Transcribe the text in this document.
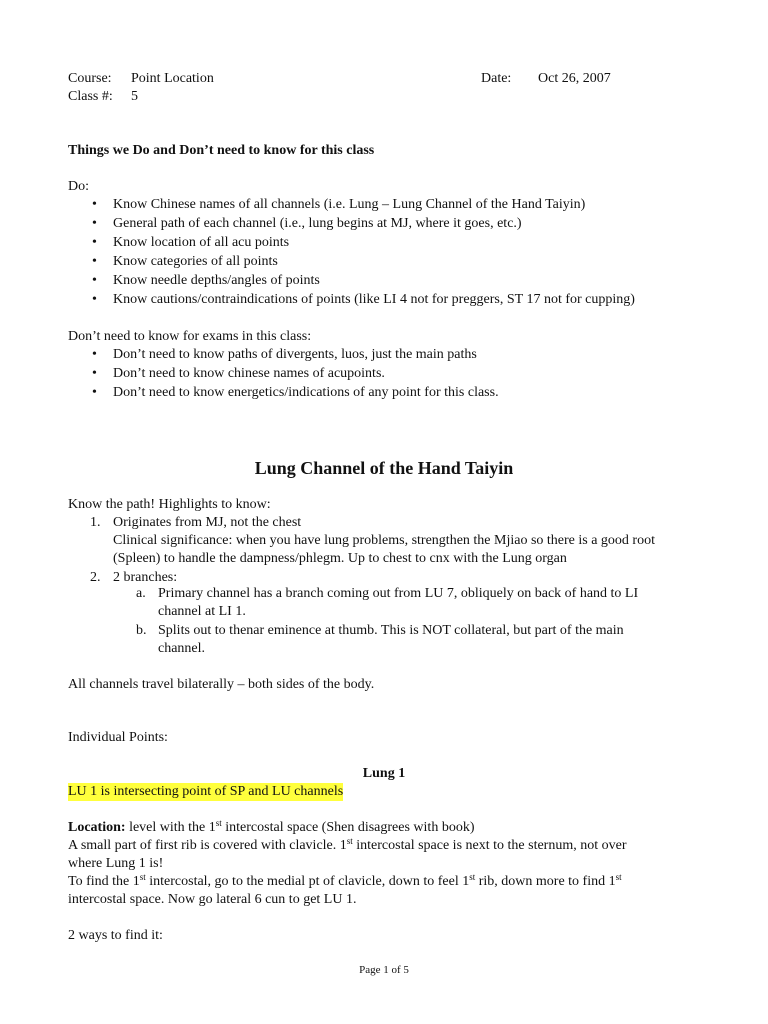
Course: Point Location
Class #: 5
Date: Oct 26, 2007
Things we Do and Don’t need to know for this class
Do:
• Know Chinese names of all channels (i.e. Lung – Lung Channel of the Hand Taiyin)
• General path of each channel (i.e., lung begins at MJ, where it goes, etc.)
• Know location of all acu points
• Know categories of all points
• Know needle depths/angles of points
• Know cautions/contraindications of points (like LI 4 not for preggers, ST 17 not for cupping)
Don’t need to know for exams in this class:
• Don’t need to know paths of divergents, luos, just the main paths
• Don’t need to know chinese names of acupoints.
• Don’t need to know energetics/indications of any point for this class.
Lung Channel of the Hand Taiyin
Know the path! Highlights to know:
1. Originates from MJ, not the chest
Clinical significance: when you have lung problems, strengthen the Mjiao so there is a good root
(Spleen) to handle the dampness/phlegm. Up to chest to cnx with the Lung organ
2. 2 branches:
a. Primary channel has a branch coming out from LU 7, obliquely on back of hand to LI
channel at LI 1.
b. Splits out to thenar eminence at thumb. This is NOT collateral, but part of the main
channel.
All channels travel bilaterally – both sides of the body.
Individual Points:
Lung 1
LU 1 is intersecting point of SP and LU channels
Location: level with the 1st intercostal space (Shen disagrees with book)
A small part of first rib is covered with clavicle. 1st intercostal space is next to the sternum, not over
where Lung 1 is!
To find the 1st intercostal, go to the medial pt of clavicle, down to feel 1st rib, down more to find 1st
intercostal space. Now go lateral 6 cun to get LU 1.
2 ways to find it:
Page 1 of 5
